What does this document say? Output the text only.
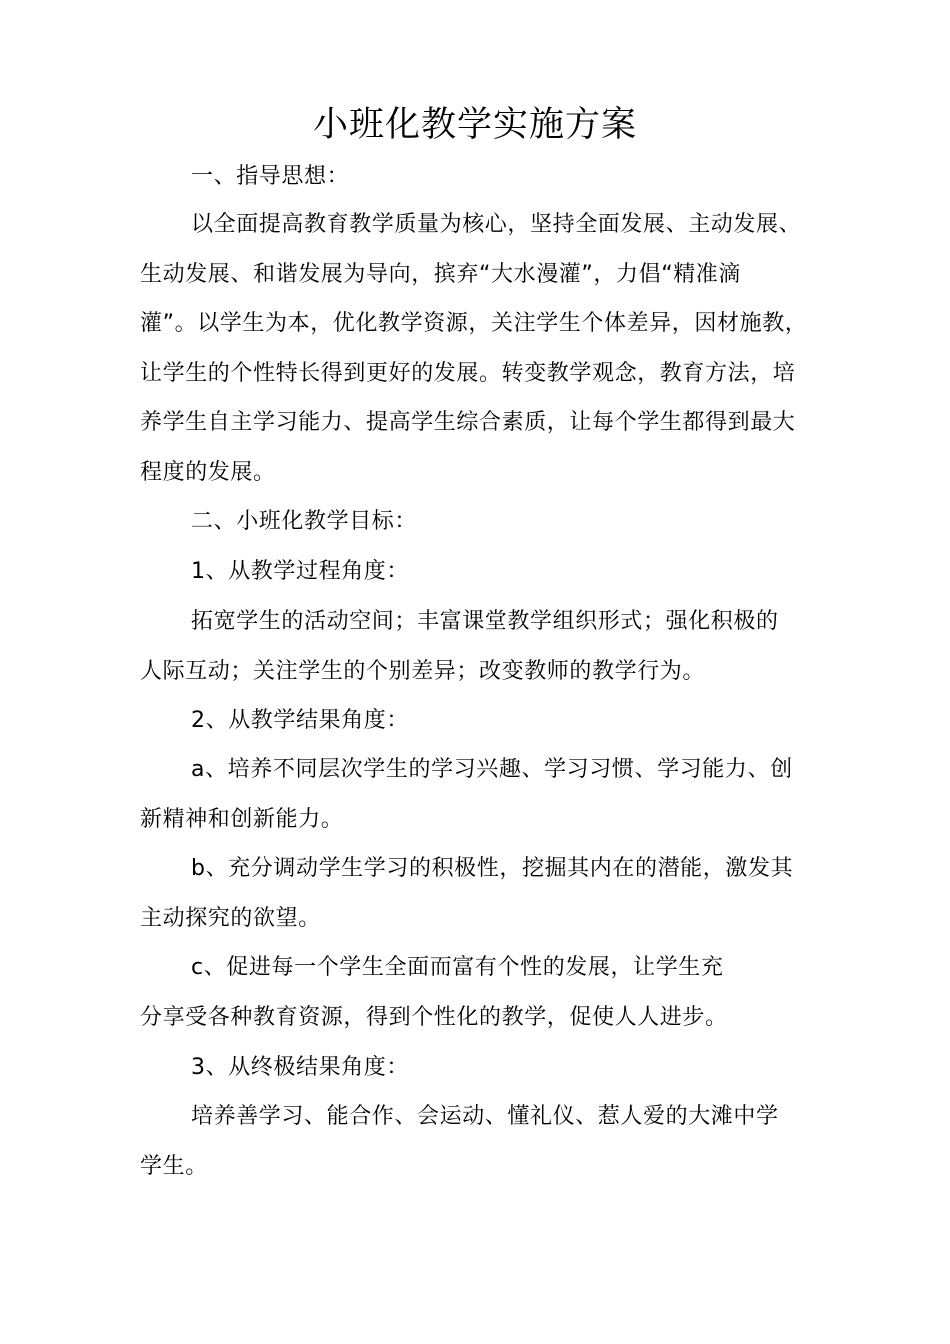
小班化教学实施方案

一、指导思想：

以全面提高教育教学质量为核心，坚持全面发展、主动发展、
生动发展、和谐发展为导向，摈弃“大水漫灌”，力倡“精准滴
灌”。以学生为本，优化教学资源，关注学生个体差异，因材施教，
让学生的个性特长得到更好的发展。转变教学观念，教育方法，培
养学生自主学习能力、提高学生综合素质，让每个学生都得到最大
程度的发展。

二、小班化教学目标：

1、从教学过程角度：

拓宽学生的活动空间；丰富课堂教学组织形式；强化积极的
人际互动；关注学生的个别差异；改变教师的教学行为。

2、从教学结果角度：

a、培养不同层次学生的学习兴趣、学习习惯、学习能力、创
新精神和创新能力。
b、充分调动学生学习的积极性，挖掘其内在的潜能，激发其
主动探究的欲望。
c、促进每一个学生全面而富有个性的发展，让学生充
分享受各种教育资源，得到个性化的教学，促使人人进步。

3、从终极结果角度：

培养善学习、能合作、会运动、懂礼仪、惹人爱的大滩中学
学生。
